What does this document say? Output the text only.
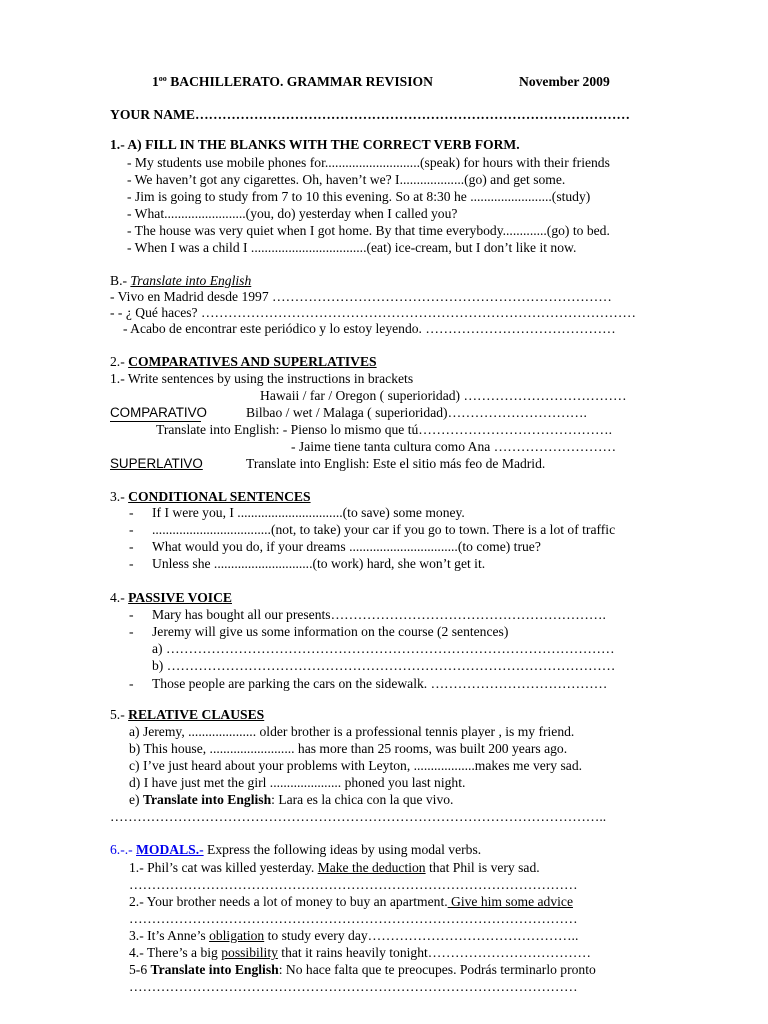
$1^{oo}$ BACHILLERATO. GRAMMAR REVISION	November 2009
YOUR NAME……………………………………………………………………………………
1.- A) FILL IN THE BLANKS WITH THE CORRECT VERB FORM.
- My students use mobile phones for............................(speak) for hours with their friends
- We haven’t got any cigarettes. Oh, haven’t we? I...................(go) and get some.
- Jim is going to study from 7 to 10 this evening. So at 8:30 he ........................(study)
- What........................(you, do) yesterday when I called you?
- The house was very quiet when I got home. By that time everybody.............(go) to bed.
- When I was a child I ..................................(eat) ice-cream, but I don’t like it now.
B.- Translate into English
- Vivo en Madrid desde 1997 …………………………………………………………………
- - ¿ Qué haces? ……………………………………………………………………………………
- Acabo de encontrar este periódico y lo estoy leyendo. ……………………………………
2.- COMPARATIVES AND SUPERLATIVES
1.- Write sentences by using the instructions in brackets
Hawaii / far / Oregon ( superioridad) ………………………………
COMPARATIVO	Bilbao / wet / Malaga ( superioridad)………………………….
Translate into English: - Pienso lo mismo que tú…………………………………….
- Jaime tiene tanta cultura como Ana ………………………
SUPERLATIVO	Translate into English: Este el sitio más feo de Madrid.
3.- CONDITIONAL SENTENCES
- If I were you, I ...............................(to save) some money.
- ...................................(not, to take) your car if you go to town. There is a lot of traffic
- What would you do, if your dreams ................................(to come) true?
- Unless she .............................(to work) hard, she won’t get it.
4.- PASSIVE VOICE
- Mary has bought all our presents…………………………………………………….
- Jeremy will give us some information on the course (2 sentences)
a) ………………………………………………………………………………………
b) ………………………………………………………………………………………
- Those people are parking the cars on the sidewalk. …………………………………
5.- RELATIVE CLAUSES
a) Jeremy, .................... older brother is a professional tennis player , is my friend.
b) This house, ......................... has more than 25 rooms, was built 200 years ago.
c) I’ve just heard about your problems with Leyton, ..................makes me very sad.
d) I have just met the girl ..................... phoned you last night.
e) Translate into English: Lara es la chica con la que vivo.
………………………………………………………………………………………………..
6.-.- MODALS.- Express the following ideas by using modal verbs.
1.- Phil’s cat was killed yesterday. Make the deduction that Phil is very sad.
………………………………………………………………………………………
2.- Your brother needs a lot of money to buy an apartment. Give him some advice
………………………………………………………………………………………
3.- It’s Anne’s obligation to study every day………………………………………..
4.- There’s a big possibility that it rains heavily tonight………………………………
5-6 Translate into English: No hace falta que te preocupes. Podrás terminarlo pronto
………………………………………………………………………………………
